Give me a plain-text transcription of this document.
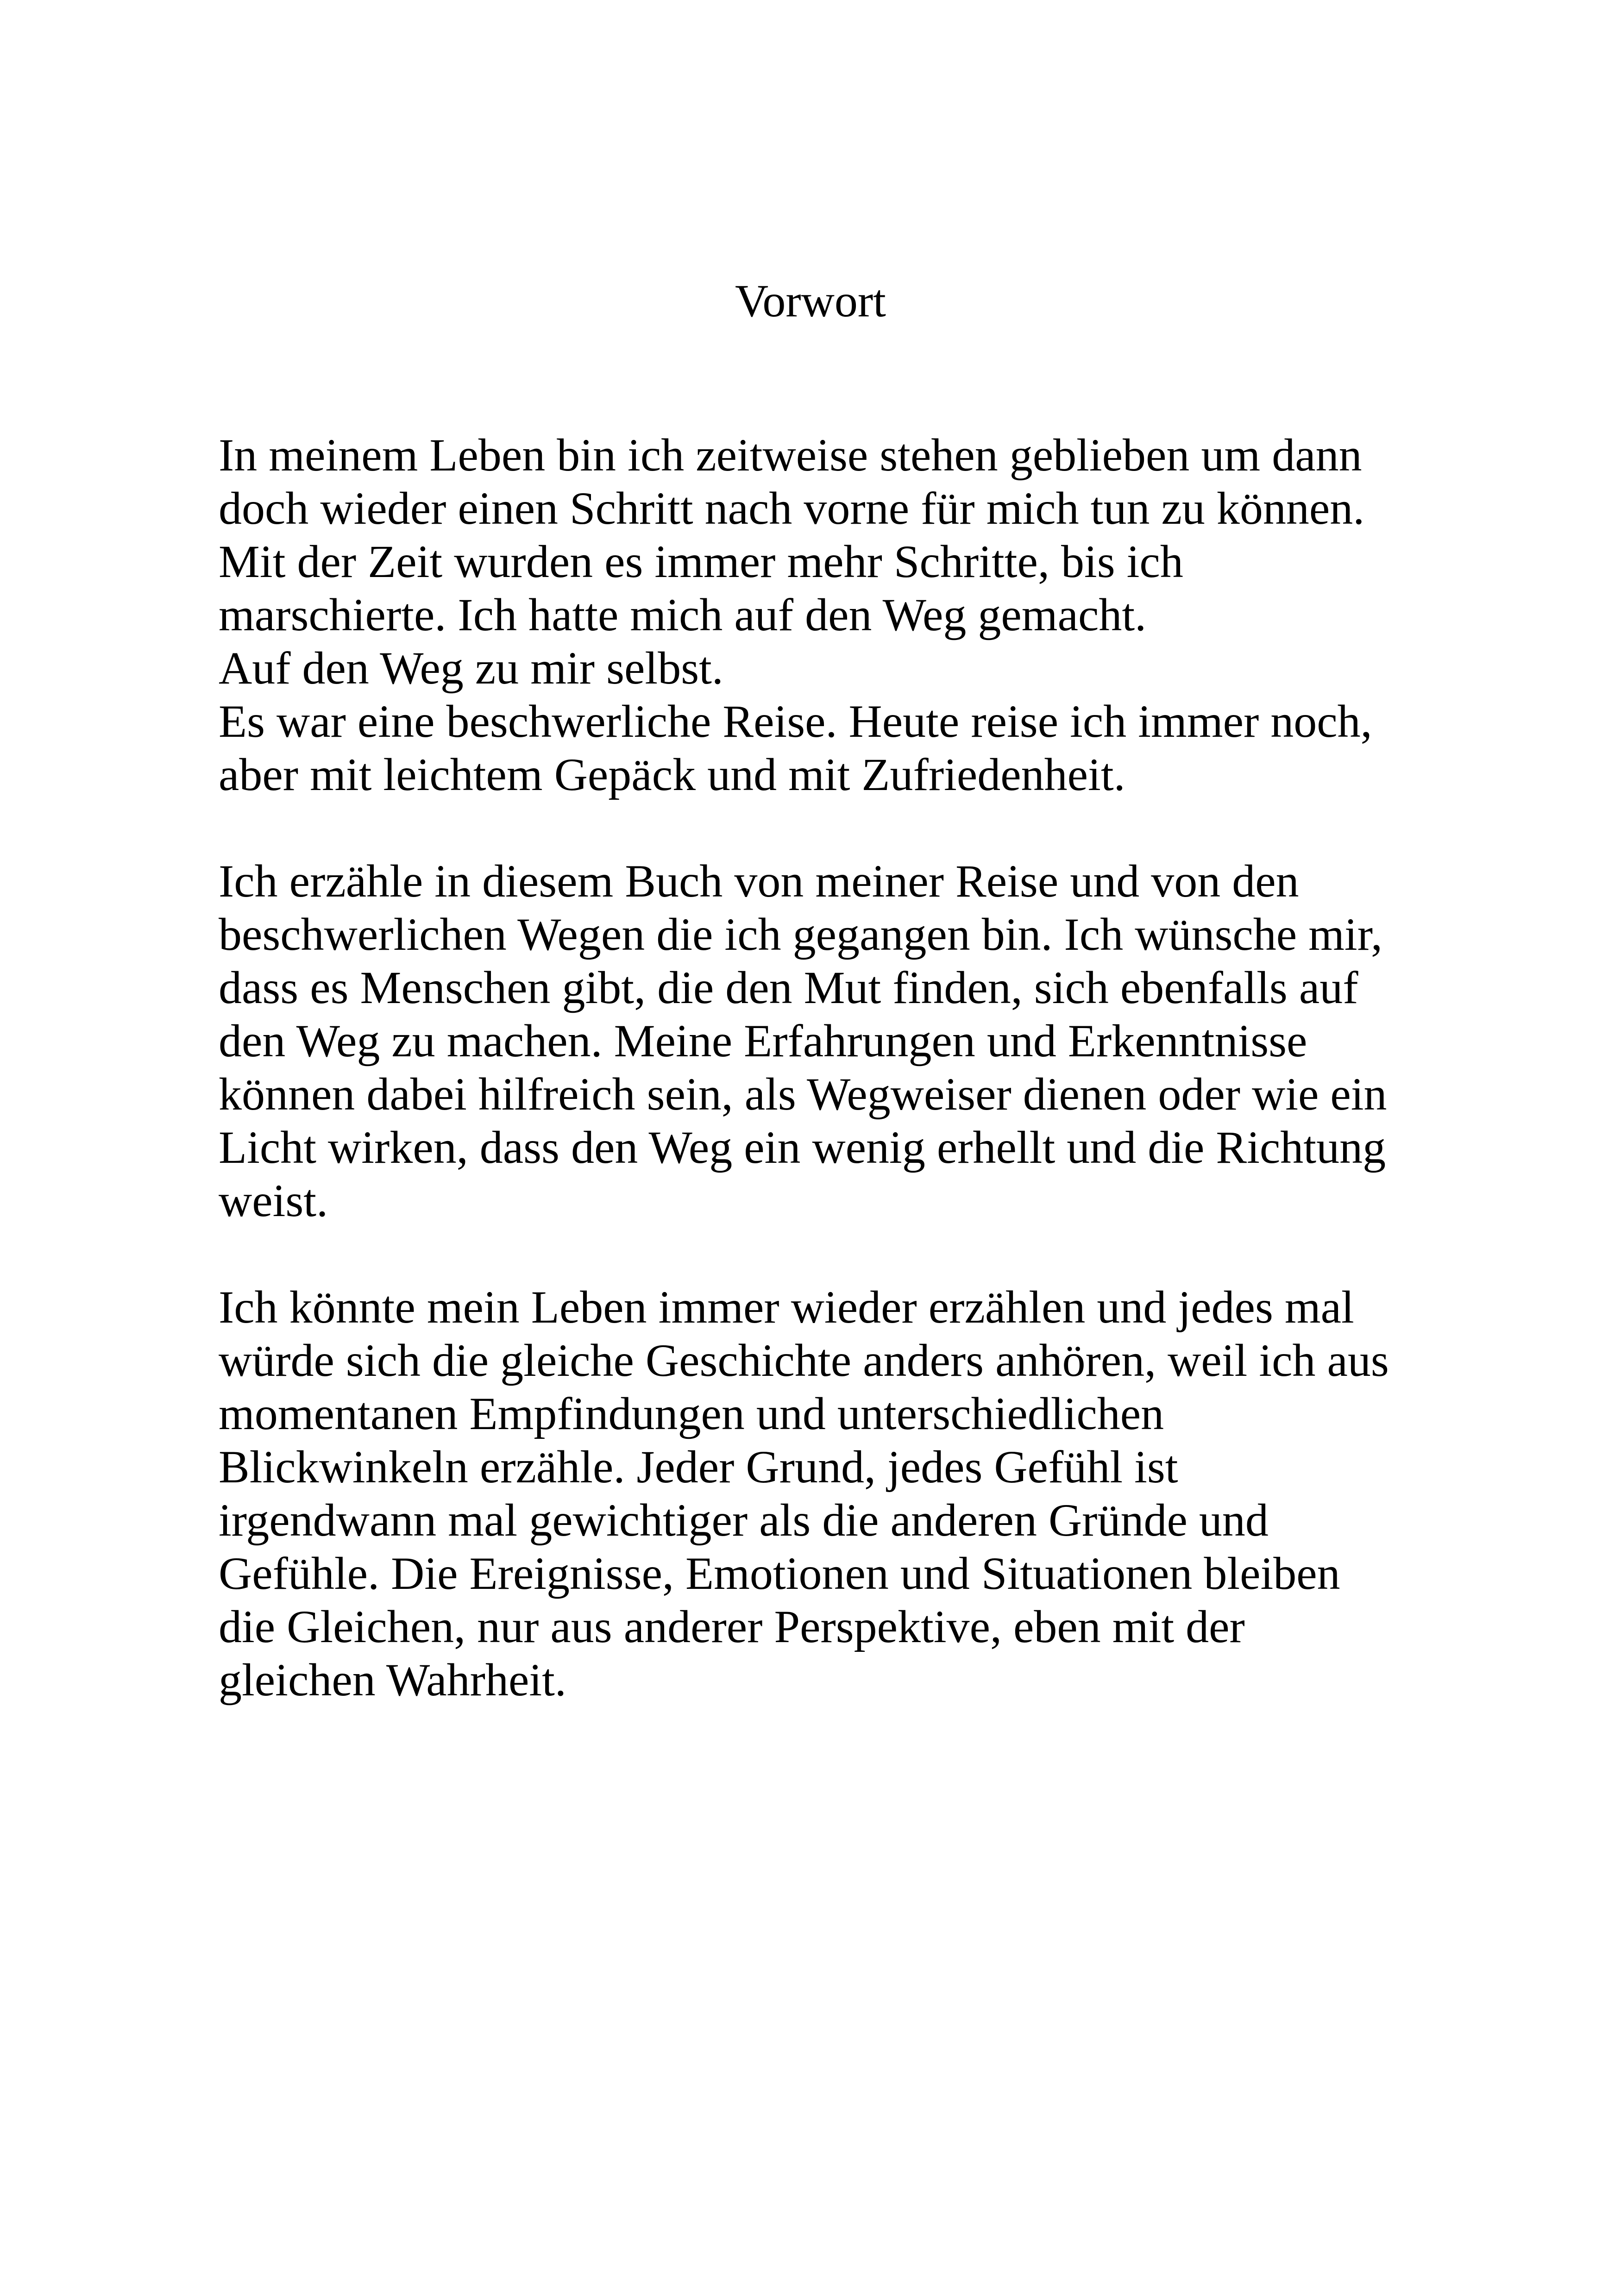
Vorwort
In meinem Leben bin ich zeitweise stehen geblieben um dann
doch wieder einen Schritt nach vorne für mich tun zu können.
Mit der Zeit wurden es immer mehr Schritte, bis ich
marschierte. Ich hatte mich auf den Weg gemacht.
Auf den Weg zu mir selbst.
Es war eine beschwerliche Reise. Heute reise ich immer noch,
aber mit leichtem Gepäck und mit Zufriedenheit.
Ich erzähle in diesem Buch von meiner Reise und von den
beschwerlichen Wegen die ich gegangen bin. Ich wünsche mir,
dass es Menschen gibt, die den Mut finden, sich ebenfalls auf
den Weg zu machen. Meine Erfahrungen und Erkenntnisse
können dabei hilfreich sein, als Wegweiser dienen oder wie ein
Licht wirken, dass den Weg ein wenig erhellt und die Richtung
weist.
Ich könnte mein Leben immer wieder erzählen und jedes mal
würde sich die gleiche Geschichte anders anhören, weil ich aus
momentanen Empfindungen und unterschiedlichen
Blickwinkeln erzähle. Jeder Grund, jedes Gefühl ist
irgendwann mal gewichtiger als die anderen Gründe und
Gefühle. Die Ereignisse, Emotionen und Situationen bleiben
die Gleichen, nur aus anderer Perspektive, eben mit der
gleichen Wahrheit.
